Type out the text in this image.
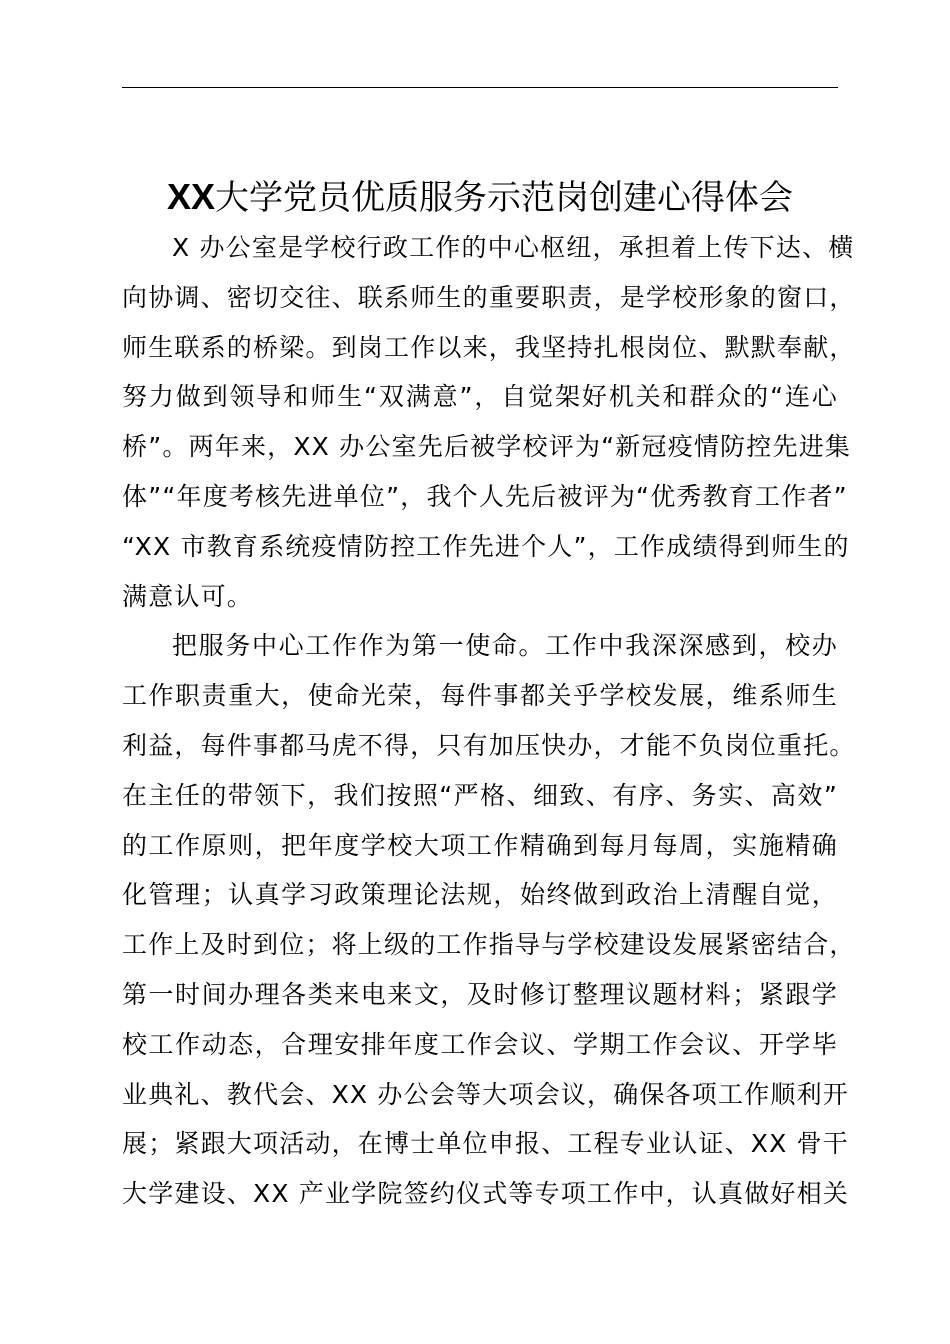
XX大学党员优质服务示范岗创建心得体会

X 办公室是学校行政工作的中心枢纽，承担着上传下达、横
向协调、密切交往、联系师生的重要职责，是学校形象的窗口，
师生联系的桥梁。到岗工作以来，我坚持扎根岗位、默默奉献，
努力做到领导和师生“双满意”，自觉架好机关和群众的“连心
桥”。两年来，XX 办公室先后被学校评为“新冠疫情防控先进集
体”“年度考核先进单位”，我个人先后被评为“优秀教育工作者”
“XX 市教育系统疫情防控工作先进个人”，工作成绩得到师生的
满意认可。

把服务中心工作作为第一使命。工作中我深深感到，校办
工作职责重大，使命光荣，每件事都关乎学校发展，维系师生
利益，每件事都马虎不得，只有加压快办，才能不负岗位重托。
在主任的带领下，我们按照“严格、细致、有序、务实、高效”
的工作原则，把年度学校大项工作精确到每月每周，实施精确
化管理；认真学习政策理论法规，始终做到政治上清醒自觉，
工作上及时到位；将上级的工作指导与学校建设发展紧密结合，
第一时间办理各类来电来文，及时修订整理议题材料；紧跟学
校工作动态，合理安排年度工作会议、学期工作会议、开学毕
业典礼、教代会、XX 办公会等大项会议，确保各项工作顺利开
展；紧跟大项活动，在博士单位申报、工程专业认证、XX 骨干
大学建设、XX 产业学院签约仪式等专项工作中，认真做好相关
